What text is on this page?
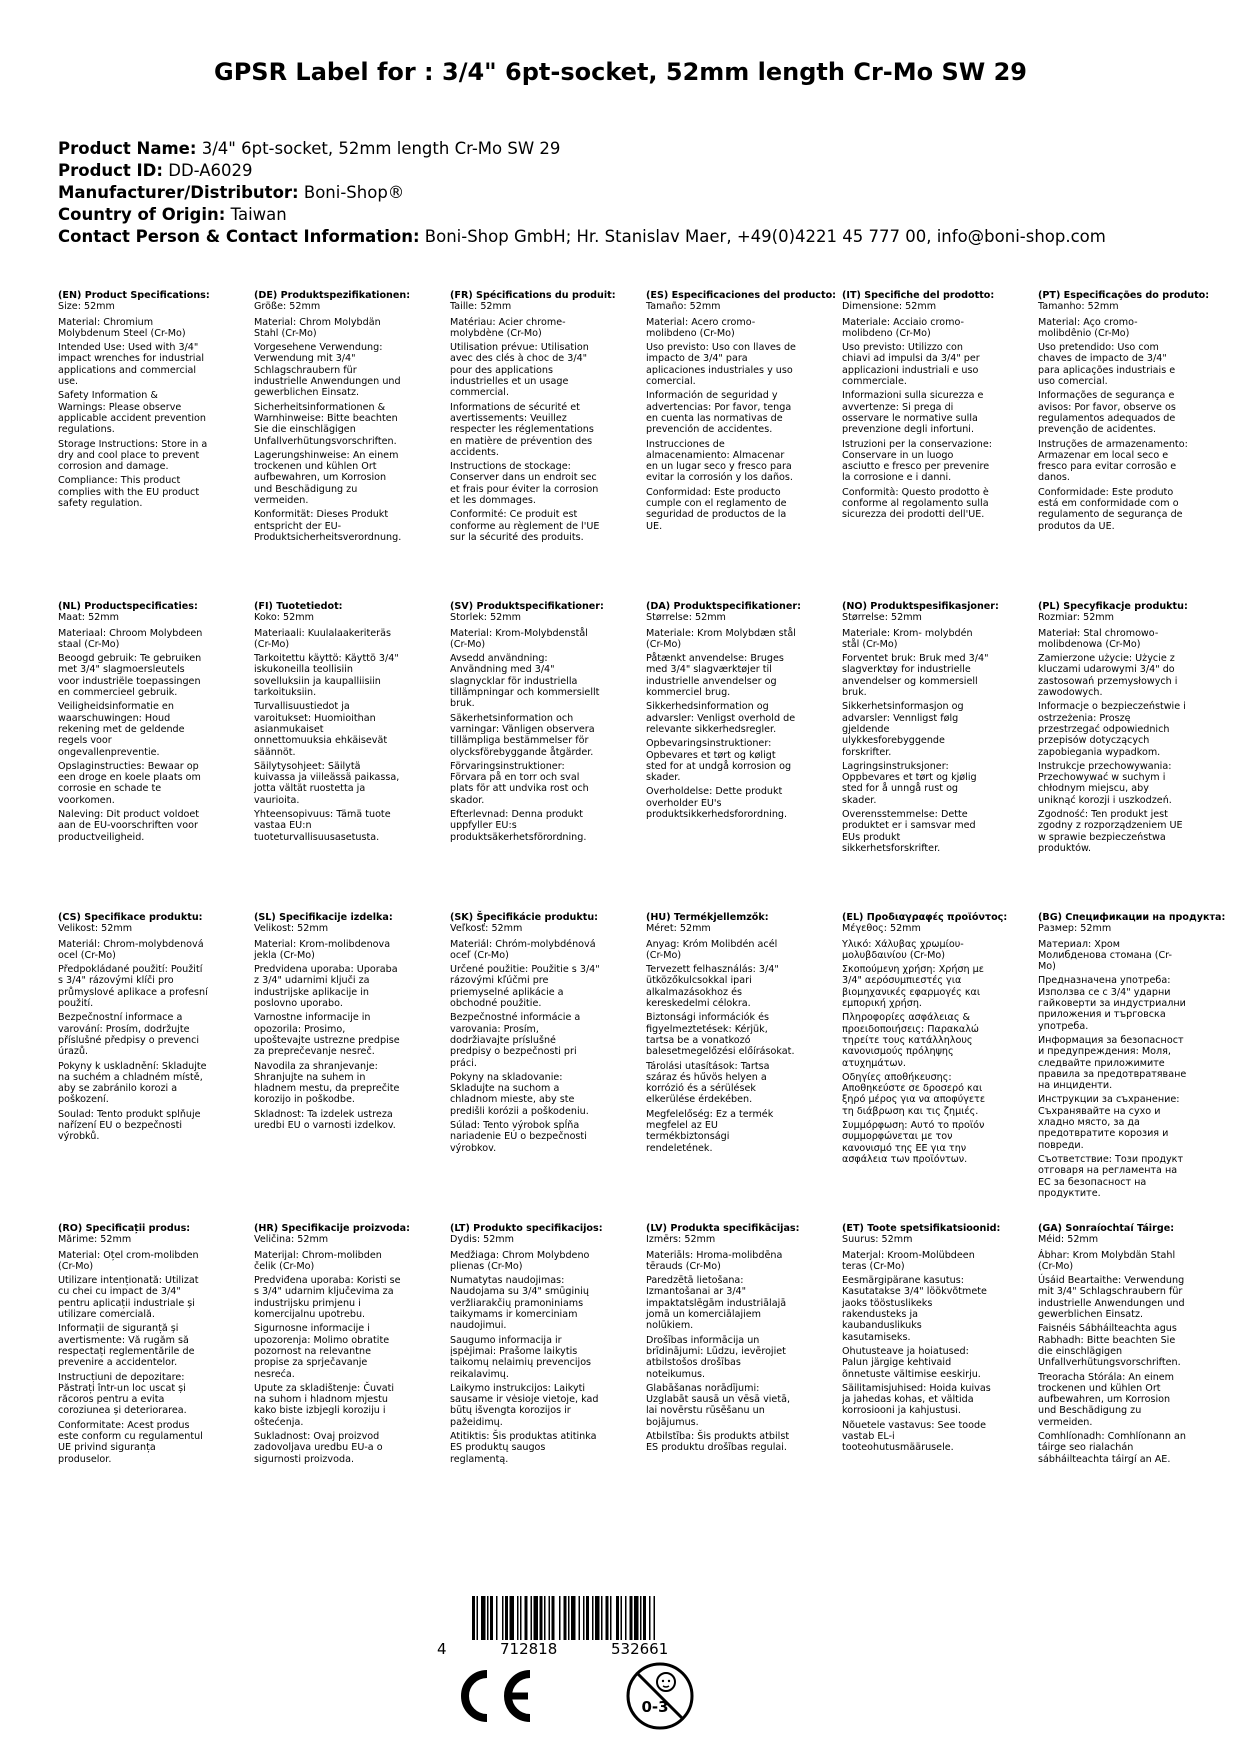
GPSR Label for : 3/4" 6pt-socket, 52mm length Cr-Mo SW 29
Product Name: 3/4" 6pt-socket, 52mm length Cr-Mo SW 29
Product ID: DD-A6029
Manufacturer/Distributor: Boni-Shop®
Country of Origin: Taiwan
Contact Person & Contact Information: Boni-Shop GmbH; Hr. Stanislav Maer, +49(0)4221 45 777 00, info@boni-shop.com
(EN) Product Specifications:

Size: 52mm

Material: Chromium Molybdenum Steel (Cr-Mo)

Intended Use: Used with 3/4" impact wrenches for industrial applications and commercial use.

Safety Information & Warnings: Please observe applicable accident prevention regulations.

Storage Instructions: Store in a dry and cool place to prevent corrosion and damage.

Compliance: This product complies with the EU product safety regulation.

(DE) Produktspezifikationen:

Größe: 52mm

Material: Chrom Molybdän Stahl (Cr-Mo)

Vorgesehene Verwendung: Verwendung mit 3/4" Schlagschraubern für industrielle Anwendungen und gewerblichen Einsatz.

Sicherheitsinformationen & Warnhinweise: Bitte beachten Sie die einschlägigen Unfallverhütungsvorschriften.

Lagerungshinweise: An einem trockenen und kühlen Ort aufbewahren, um Korrosion und Beschädigung zu vermeiden.

Konformität: Dieses Produkt entspricht der EU-Produktsicherheitsverordnung.

(FR) Spécifications du produit:

Taille: 52mm

Matériau: Acier chrome-molybdène (Cr-Mo)

Utilisation prévue: Utilisation avec des clés à choc de 3/4" pour des applications industrielles et un usage commercial.

Informations de sécurité et avertissements: Veuillez respecter les réglementations en matière de prévention des accidents.

Instructions de stockage: Conserver dans un endroit sec et frais pour éviter la corrosion et les dommages.

Conformité: Ce produit est conforme au règlement de l'UE sur la sécurité des produits.

(ES) Especificaciones del producto:

Tamaño: 52mm

Material: Acero cromo-molibdeno (Cr-Mo)

Uso previsto: Uso con llaves de impacto de 3/4" para aplicaciones industriales y uso comercial.

Información de seguridad y advertencias: Por favor, tenga en cuenta las normativas de prevención de accidentes.

Instrucciones de almacenamiento: Almacenar en un lugar seco y fresco para evitar la corrosión y los daños.

Conformidad: Este producto cumple con el reglamento de seguridad de productos de la UE.

(IT) Specifiche del prodotto:

Dimensione: 52mm

Materiale: Acciaio cromo-molibdeno (Cr-Mo)

Uso previsto: Utilizzo con chiavi ad impulsi da 3/4" per applicazioni industriali e uso commerciale.

Informazioni sulla sicurezza e avvertenze: Si prega di osservare le normative sulla prevenzione degli infortuni.

Istruzioni per la conservazione: Conservare in un luogo asciutto e fresco per prevenire la corrosione e i danni.

Conformità: Questo prodotto è conforme al regolamento sulla sicurezza dei prodotti dell'UE.

(PT) Especificações do produto:

Tamanho: 52mm

Material: Aço cromo-molibdênio (Cr-Mo)

Uso pretendido: Uso com chaves de impacto de 3/4" para aplicações industriais e uso comercial.

Informações de segurança e avisos: Por favor, observe os regulamentos adequados de prevenção de acidentes.

Instruções de armazenamento: Armazenar em local seco e fresco para evitar corrosão e danos.

Conformidade: Este produto está em conformidade com o regulamento de segurança de produtos da UE.

(NL) Productspecificaties:

Maat: 52mm

Materiaal: Chroom Molybdeen staal (Cr-Mo)

Beoogd gebruik: Te gebruiken met 3/4" slagmoersleutels voor industriële toepassingen en commercieel gebruik.

Veiligheidsinformatie en waarschuwingen: Houd rekening met de geldende regels voor ongevallenpreventie.

Opslaginstructies: Bewaar op een droge en koele plaats om corrosie en schade te voorkomen.

Naleving: Dit product voldoet aan de EU-voorschriften voor productveiligheid.

(FI) Tuotetiedot:

Koko: 52mm

Materiaali: Kuulalaakeriteräs (Cr-Mo)

Tarkoitettu käyttö: Käyttö 3/4" iskukoneilla teollisiin sovelluksiin ja kaupalliisiin tarkoituksiin.

Turvallisuustiedot ja varoitukset: Huomioithan asianmukaiset onnettomuuksia ehkäisevät säännöt.

Säilytysohjeet: Säilytä kuivassa ja viileässä paikassa, jotta vältät ruostetta ja vaurioita.

Yhteensopivuus: Tämä tuote vastaa EU:n tuoteturvallisuusasetusta.

(SV) Produktspecifikationer:

Storlek: 52mm

Material: Krom-Molybdenstål (Cr-Mo)

Avsedd användning: Användning med 3/4" slagnycklar för industriella tillämpningar och kommersiellt bruk.

Säkerhetsinformation och varningar: Vänligen observera tillämpliga bestämmelser för olycksförebyggande åtgärder.

Förvaringsinstruktioner: Förvara på en torr och sval plats för att undvika rost och skador.

Efterlevnad: Denna produkt uppfyller EU:s produktsäkerhetsförordning.

(DA) Produktspecifikationer:

Størrelse: 52mm

Materiale: Krom Molybdæn stål (Cr-Mo)

Påtænkt anvendelse: Bruges med 3/4" slagværktøjer til industrielle anvendelser og kommerciel brug.

Sikkerhedsinformation og advarsler: Venligst overhold de relevante sikkerhedsregler.

Opbevaringsinstruktioner: Opbevares et tørt og køligt sted for at undgå korrosion og skader.

Overholdelse: Dette produkt overholder EU's produktsikkerhedsforordning.

(NO) Produktspesifikasjoner:

Størrelse: 52mm

Materiale: Krom- molybdén stål (Cr-Mo)

Forventet bruk: Bruk med 3/4" slagverktøy for industrielle anvendelser og kommersiell bruk.

Sikkerhetsinformasjon og advarsler: Vennligst følg gjeldende ulykkesforebyggende forskrifter.

Lagringsinstruksjoner: Oppbevares et tørt og kjølig sted for å unngå rust og skader.

Overensstemmelse: Dette produktet er i samsvar med EUs produkt sikkerhetsforskrifter.

(PL) Specyfikacje produktu:

Rozmiar: 52mm

Materiał: Stal chromowo-molibdenowa (Cr-Mo)

Zamierzone użycie: Użycie z kluczami udarowymi 3/4" do zastosowań przemysłowych i zawodowych.

Informacje o bezpieczeństwie i ostrzeżenia: Proszę przestrzegać odpowiednich przepisów dotyczących zapobiegania wypadkom.

Instrukcje przechowywania: Przechowywać w suchym i chłodnym miejscu, aby uniknąć korozji i uszkodzeń.

Zgodność: Ten produkt jest zgodny z rozporządzeniem UE w sprawie bezpieczeństwa produktów.

(CS) Specifikace produktu:

Velikost: 52mm

Materiál: Chrom-molybdenová ocel (Cr-Mo)

Předpokládané použití: Použití s 3/4" rázovými klíči pro průmyslové aplikace a profesní použití.

Bezpečnostní informace a varování: Prosím, dodržujte příslušné předpisy o prevenci úrazů.

Pokyny k uskladnění: Skladujte na suchém a chladném místě, aby se zabránilo korozi a poškození.

Soulad: Tento produkt splňuje nařízení EU o bezpečnosti výrobků.

(SL) Specifikacije izdelka:

Velikost: 52mm

Material: Krom-molibdenova jekla (Cr-Mo)

Predvidena uporaba: Uporaba z 3/4" udarnimi ključi za industrijske aplikacije in poslovno uporabo.

Varnostne informacije in opozorila: Prosimo, upoštevajte ustrezne predpise za preprečevanje nesreč.

Navodila za shranjevanje: Shranjujte na suhem in hladnem mestu, da preprečite korozijo in poškodbe.

Skladnost: Ta izdelek ustreza uredbi EU o varnosti izdelkov.

(SK) Špecifikácie produktu:

Veľkosť: 52mm

Materiál: Chróm-molybdénová oceľ (Cr-Mo)

Určené použitie: Použitie s 3/4" rázovými kľúčmi pre priemyselné aplikácie a obchodné použitie.

Bezpečnostné informácie a varovania: Prosím, dodržiavajte príslušné predpisy o bezpečnosti pri práci.

Pokyny na skladovanie: Skladujte na suchom a chladnom mieste, aby ste predišli korózii a poškodeniu.

Súlad: Tento výrobok spĺňa nariadenie EÚ o bezpečnosti výrobkov.

(HU) Termékjellemzők:

Méret: 52mm

Anyag: Króm Molibdén acél (Cr-Mo)

Tervezett felhasználás: 3/4" ütközőkulcsokkal ipari alkalmazásokhoz és kereskedelmi célokra.

Biztonsági információk és figyelmeztetések: Kérjük, tartsa be a vonatkozó balesetmegelőzési előírásokat.

Tárolási utasítások: Tartsa száraz és hűvös helyen a korrózió és a sérülések elkerülése érdekében.

Megfelelőség: Ez a termék megfelel az EU termékbiztonsági rendeletének.

(EL) Προδιαγραφές προϊόντος:

Μέγεθος: 52mm

Υλικό: Χάλυβας χρωμίου-μολυβδαινίου (Cr-Mo)

Σκοπούμενη χρήση: Χρήση με 3/4" αερόσυμπιεστές για βιομηχανικές εφαρμογές και εμπορική χρήση.

Πληροφορίες ασφάλειας & προειδοποιήσεις: Παρακαλώ τηρείτε τους κατάλληλους κανονισμούς πρόληψης ατυχημάτων.

Οδηγίες αποθήκευσης: Αποθηκεύστε σε δροσερό και ξηρό μέρος για να αποφύγετε τη διάβρωση και τις ζημιές.

Συμμόρφωση: Αυτό το προϊόν συμμορφώνεται με τον κανονισμό της ΕΕ για την ασφάλεια των προϊόντων.

(BG) Спецификации на продукта:

Размер: 52mm

Материал: Хром Молибденова стомана (Cr-Mo)

Предназначена употреба: Използва се с 3/4" ударни гайковерти за индустриални приложения и търговска употреба.

Информация за безопасност и предупреждения: Моля, следвайте приложимите правила за предотвратяване на инциденти.

Инструкции за съхранение: Съхранявайте на сухо и хладно място, за да предотвратите корозия и повреди.

Съответствие: Този продукт отговаря на регламента на ЕС за безопасност на продуктите.

(RO) Specificații produs:

Mărime: 52mm

Material: Oțel crom-molibden (Cr-Mo)

Utilizare intenționată: Utilizat cu chei cu impact de 3/4" pentru aplicații industriale și utilizare comercială.

Informații de siguranță și avertismente: Vă rugăm să respectați reglementările de prevenire a accidentelor.

Instrucțiuni de depozitare: Păstrați într-un loc uscat și răcoros pentru a evita coroziunea și deteriorarea.

Conformitate: Acest produs este conform cu regulamentul UE privind siguranța produselor.

(HR) Specifikacije proizvoda:

Veličina: 52mm

Materijal: Chrom-molibden čelik (Cr-Mo)

Predviđena uporaba: Koristi se s 3/4" udarnim ključevima za industrijsku primjenu i komercijalnu upotrebu.

Sigurnosne informacije i upozorenja: Molimo obratite pozornost na relevantne propise za sprječavanje nesreća.

Upute za skladištenje: Čuvati na suhom i hladnom mjestu kako biste izbjegli koroziju i oštećenja.

Sukladnost: Ovaj proizvod zadovoljava uredbu EU-a o sigurnosti proizvoda.

(LT) Produkto specifikacijos:

Dydis: 52mm

Medžiaga: Chrom Molybdeno plienas (Cr-Mo)

Numatytas naudojimas: Naudojama su 3/4" smūginių veržliarakčių pramoniniams taikymams ir komerciniam naudojimui.

Saugumo informacija ir įspėjimai: Prašome laikytis taikomų nelaimių prevencijos reikalavimų.

Laikymo instrukcijos: Laikyti sausame ir vėsioje vietoje, kad būtų išvengta korozijos ir pažeidimų.

Atitiktis: Šis produktas atitinka ES produktų saugos reglamentą.

(LV) Produkta specifikācijas:

Izmērs: 52mm

Materiāls: Hroma-molibdēna tērauds (Cr-Mo)

Paredzētā lietošana: Izmantošanai ar 3/4" impaktatslēgām industriālajā jomā un komerciālajiem nolūkiem.

Drošības informācija un brīdinājumi: Lūdzu, ievērojiet atbilstošos drošības noteikumus.

Glabāšanas norādījumi: Uzglabāt sausā un vēsā vietā, lai novērstu rūsēšanu un bojājumus.

Atbilstība: Šis produkts atbilst ES produktu drošības regulai.

(ET) Toote spetsifikatsioonid:

Suurus: 52mm

Materjal: Kroom-Molübdeen teras (Cr-Mo)

Eesmärgipärane kasutus: Kasutatakse 3/4" löökvõtmete jaoks tööstuslikeks rakendusteks ja kaubanduslikuks kasutamiseks.

Ohutusteave ja hoiatused: Palun järgige kehtivaid õnnetuste vältimise eeskirju.

Säilitamisjuhised: Hoida kuivas ja jahedas kohas, et vältida korrosiooni ja kahjustusi.

Nõuetele vastavus: See toode vastab EL-i tooteohutusmäärusele.

(GA) Sonraíochtaí Táirge:

Méid: 52mm

Ábhar: Krom Molybdän Stahl (Cr-Mo)

Úsáid Beartaithe: Verwendung mit 3/4" Schlagschraubern für industrielle Anwendungen und gewerblichen Einsatz.

Faisnéis Sábháilteachta agus Rabhadh: Bitte beachten Sie die einschlägigen Unfallverhütungsvorschriften.

Treoracha Stórála: An einem trockenen und kühlen Ort aufbewahren, um Korrosion und Beschädigung zu vermeiden.

Comhlíonadh: Comhlíonann an táirge seo rialachán sábháilteachta táirgí an AE.

4	712818	532661
0-3
